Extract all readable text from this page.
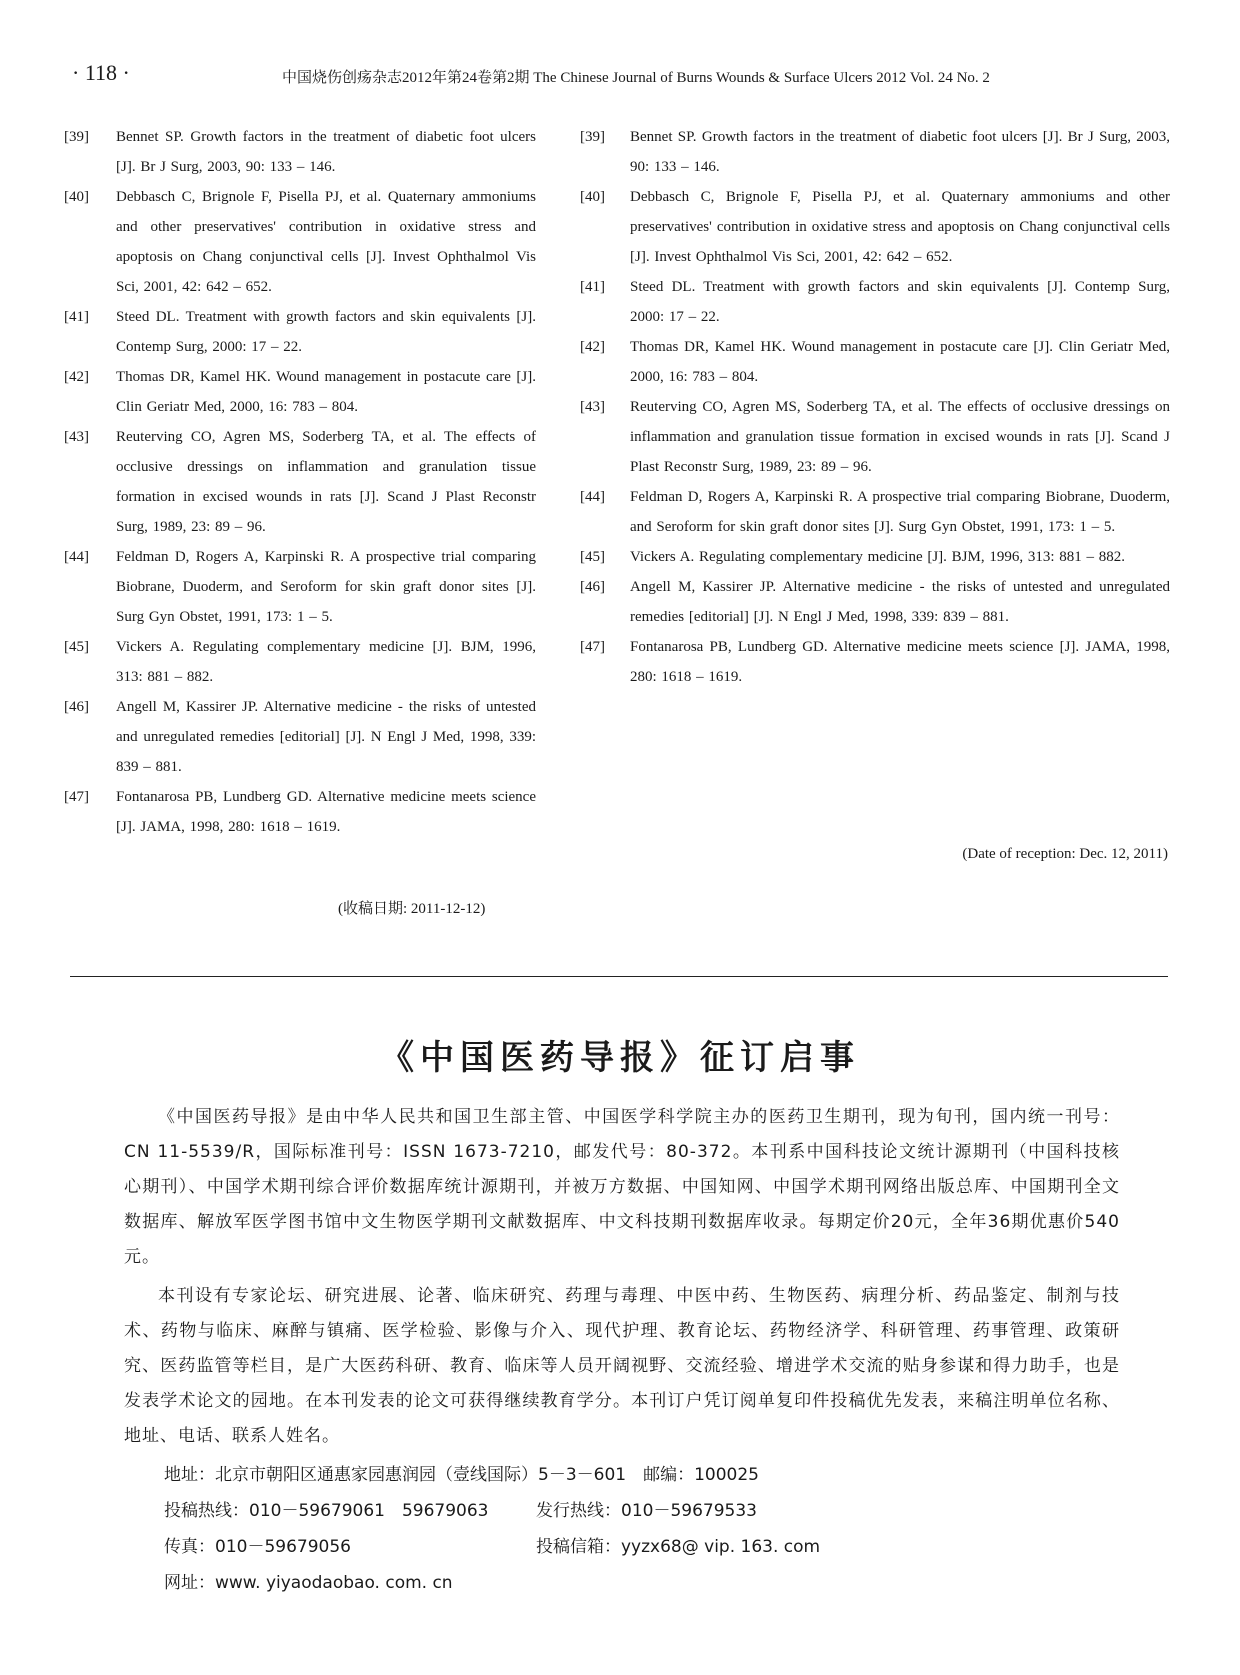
· 118 ·	中国烧伤创疡杂志2012年第24卷第2期 The Chinese Journal of Burns Wounds & Surface Ulcers 2012 Vol. 24 No. 2
[39]	Bennet SP. Growth factors in the treatment of diabetic foot ulcers [J]. Br J Surg, 2003, 90: 133 – 146.
[40]	Debbasch C, Brignole F, Pisella PJ, et al. Quaternary ammoniums and other preservatives' contribution in oxidative stress and apoptosis on Chang conjunctival cells [J]. Invest Ophthalmol Vis Sci, 2001, 42: 642 – 652.
[41]	Steed DL. Treatment with growth factors and skin equivalents [J]. Contemp Surg, 2000: 17 – 22.
[42]	Thomas DR, Kamel HK. Wound management in postacute care [J]. Clin Geriatr Med, 2000, 16: 783 – 804.
[43]	Reuterving CO, Agren MS, Soderberg TA, et al. The effects of occlusive dressings on inflammation and granulation tissue formation in excised wounds in rats [J]. Scand J Plast Reconstr Surg, 1989, 23: 89 – 96.
[44]	Feldman D, Rogers A, Karpinski R. A prospective trial comparing Biobrane, Duoderm, and Seroform for skin graft donor sites [J]. Surg Gyn Obstet, 1991, 173: 1 – 5.
[45]	Vickers A. Regulating complementary medicine [J]. BJM, 1996, 313: 881 – 882.
[46]	Angell M, Kassirer JP. Alternative medicine - the risks of untested and unregulated remedies [editorial] [J]. N Engl J Med, 1998, 339: 839 – 881.
[47]	Fontanarosa PB, Lundberg GD. Alternative medicine meets science [J]. JAMA, 1998, 280: 1618 – 1619.
[39]	Bennet SP. Growth factors in the treatment of diabetic foot ulcers [J]. Br J Surg, 2003, 90: 133 – 146.
[40]	Debbasch C, Brignole F, Pisella PJ, et al. Quaternary ammoniums and other preservatives' contribution in oxidative stress and apoptosis on Chang conjunctival cells [J]. Invest Ophthalmol Vis Sci, 2001, 42: 642 – 652.
[41]	Steed DL. Treatment with growth factors and skin equivalents [J]. Contemp Surg, 2000: 17 – 22.
[42]	Thomas DR, Kamel HK. Wound management in postacute care [J]. Clin Geriatr Med, 2000, 16: 783 – 804.
[43]	Reuterving CO, Agren MS, Soderberg TA, et al. The effects of occlusive dressings on inflammation and granulation tissue formation in excised wounds in rats [J]. Scand J Plast Reconstr Surg, 1989, 23: 89 – 96.
[44]	Feldman D, Rogers A, Karpinski R. A prospective trial comparing Biobrane, Duoderm, and Seroform for skin graft donor sites [J]. Surg Gyn Obstet, 1991, 173: 1 – 5.
[45]	Vickers A. Regulating complementary medicine [J]. BJM, 1996, 313: 881 – 882.
[46]	Angell M, Kassirer JP. Alternative medicine - the risks of untested and unregulated remedies [editorial] [J]. N Engl J Med, 1998, 339: 839 – 881.
[47]	Fontanarosa PB, Lundberg GD. Alternative medicine meets science [J]. JAMA, 1998, 280: 1618 – 1619.
(Date of reception: Dec. 12, 2011)
(收稿日期: 2011-12-12)
《中国医药导报》征订启事

《中国医药导报》是由中华人民共和国卫生部主管、中国医学科学院主办的医药卫生期刊，现为旬刊，国内统一刊号：CN 11-5539/R，国际标准刊号：ISSN 1673-7210，邮发代号：80-372。本刊系中国科技论文统计源期刊（中国科技核心期刊）、中国学术期刊综合评价数据库统计源期刊，并被万方数据、中国知网、中国学术期刊网络出版总库、中国期刊全文数据库、解放军医学图书馆中文生物医学期刊文献数据库、中文科技期刊数据库收录。每期定价20元，全年36期优惠价540元。

本刊设有专家论坛、研究进展、论著、临床研究、药理与毒理、中医中药、生物医药、病理分析、药品鉴定、制剂与技术、药物与临床、麻醉与镇痛、医学检验、影像与介入、现代护理、教育论坛、药物经济学、科研管理、药事管理、政策研究、医药监管等栏目，是广大医药科研、教育、临床等人员开阔视野、交流经验、增进学术交流的贴身参谋和得力助手，也是发表学术论文的园地。在本刊发表的论文可获得继续教育学分。本刊订户凭订阅单复印件投稿优先发表，来稿注明单位名称、地址、电话、联系人姓名。

地址：北京市朝阳区通惠家园惠润园（壹线国际）5－3－601　邮编：100025
投稿热线：010－59679061　59679063	发行热线：010－59679533
传真：010－59679056	投稿信箱：yyzx68@ vip. 163. com
网址：www. yiyaodaobao. com. cn
